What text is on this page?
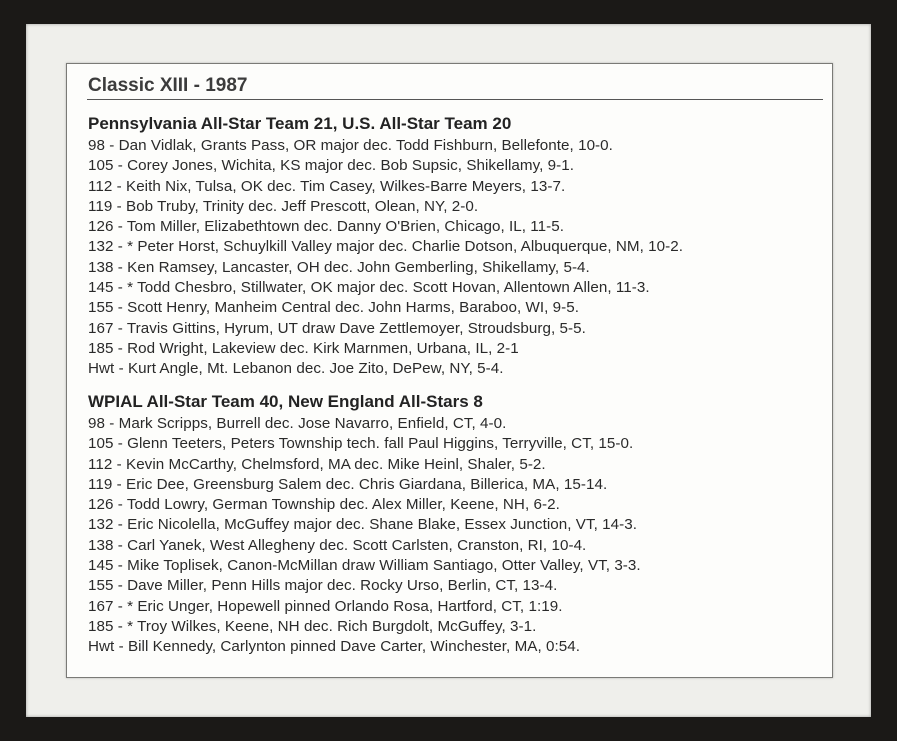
Classic XIII - 1987
Pennsylvania All-Star Team 21, U.S. All-Star Team 20
98 - Dan Vidlak, Grants Pass, OR major dec. Todd Fishburn, Bellefonte, 10-0.
105 - Corey Jones, Wichita, KS major dec. Bob Supsic, Shikellamy, 9-1.
112 - Keith Nix, Tulsa, OK dec. Tim Casey, Wilkes-Barre Meyers, 13-7.
119 - Bob Truby, Trinity dec. Jeff Prescott, Olean, NY, 2-0.
126 - Tom Miller, Elizabethtown dec. Danny O'Brien, Chicago, IL, 11-5.
132 - * Peter Horst, Schuylkill Valley major dec. Charlie Dotson, Albuquerque, NM, 10-2.
138 - Ken Ramsey, Lancaster, OH dec. John Gemberling, Shikellamy, 5-4.
145 - * Todd Chesbro, Stillwater, OK major dec. Scott Hovan, Allentown Allen, 11-3.
155 - Scott Henry, Manheim Central dec. John Harms, Baraboo, WI, 9-5.
167 - Travis Gittins, Hyrum, UT draw Dave Zettlemoyer, Stroudsburg, 5-5.
185 - Rod Wright, Lakeview dec. Kirk Marnmen, Urbana, IL, 2-1
Hwt - Kurt Angle, Mt. Lebanon dec. Joe Zito, DePew, NY, 5-4.
WPIAL All-Star Team 40, New England All-Stars 8
98 - Mark Scripps, Burrell dec. Jose Navarro, Enfield, CT, 4-0.
105 - Glenn Teeters, Peters Township tech. fall Paul Higgins, Terryville, CT, 15-0.
112 - Kevin McCarthy, Chelmsford, MA dec. Mike Heinl, Shaler, 5-2.
119 - Eric Dee, Greensburg Salem dec. Chris Giardana, Billerica, MA, 15-14.
126 - Todd Lowry, German Township dec. Alex Miller, Keene, NH, 6-2.
132 - Eric Nicolella, McGuffey major dec. Shane Blake, Essex Junction, VT, 14-3.
138 - Carl Yanek, West Allegheny dec. Scott Carlsten, Cranston, RI, 10-4.
145 - Mike Toplisek, Canon-McMillan draw William Santiago, Otter Valley, VT, 3-3.
155 - Dave Miller, Penn Hills major dec. Rocky Urso, Berlin, CT, 13-4.
167 - * Eric Unger, Hopewell pinned Orlando Rosa, Hartford, CT, 1:19.
185 - * Troy Wilkes, Keene, NH dec. Rich Burgdolt, McGuffey, 3-1.
Hwt - Bill Kennedy, Carlynton pinned Dave Carter, Winchester, MA, 0:54.
